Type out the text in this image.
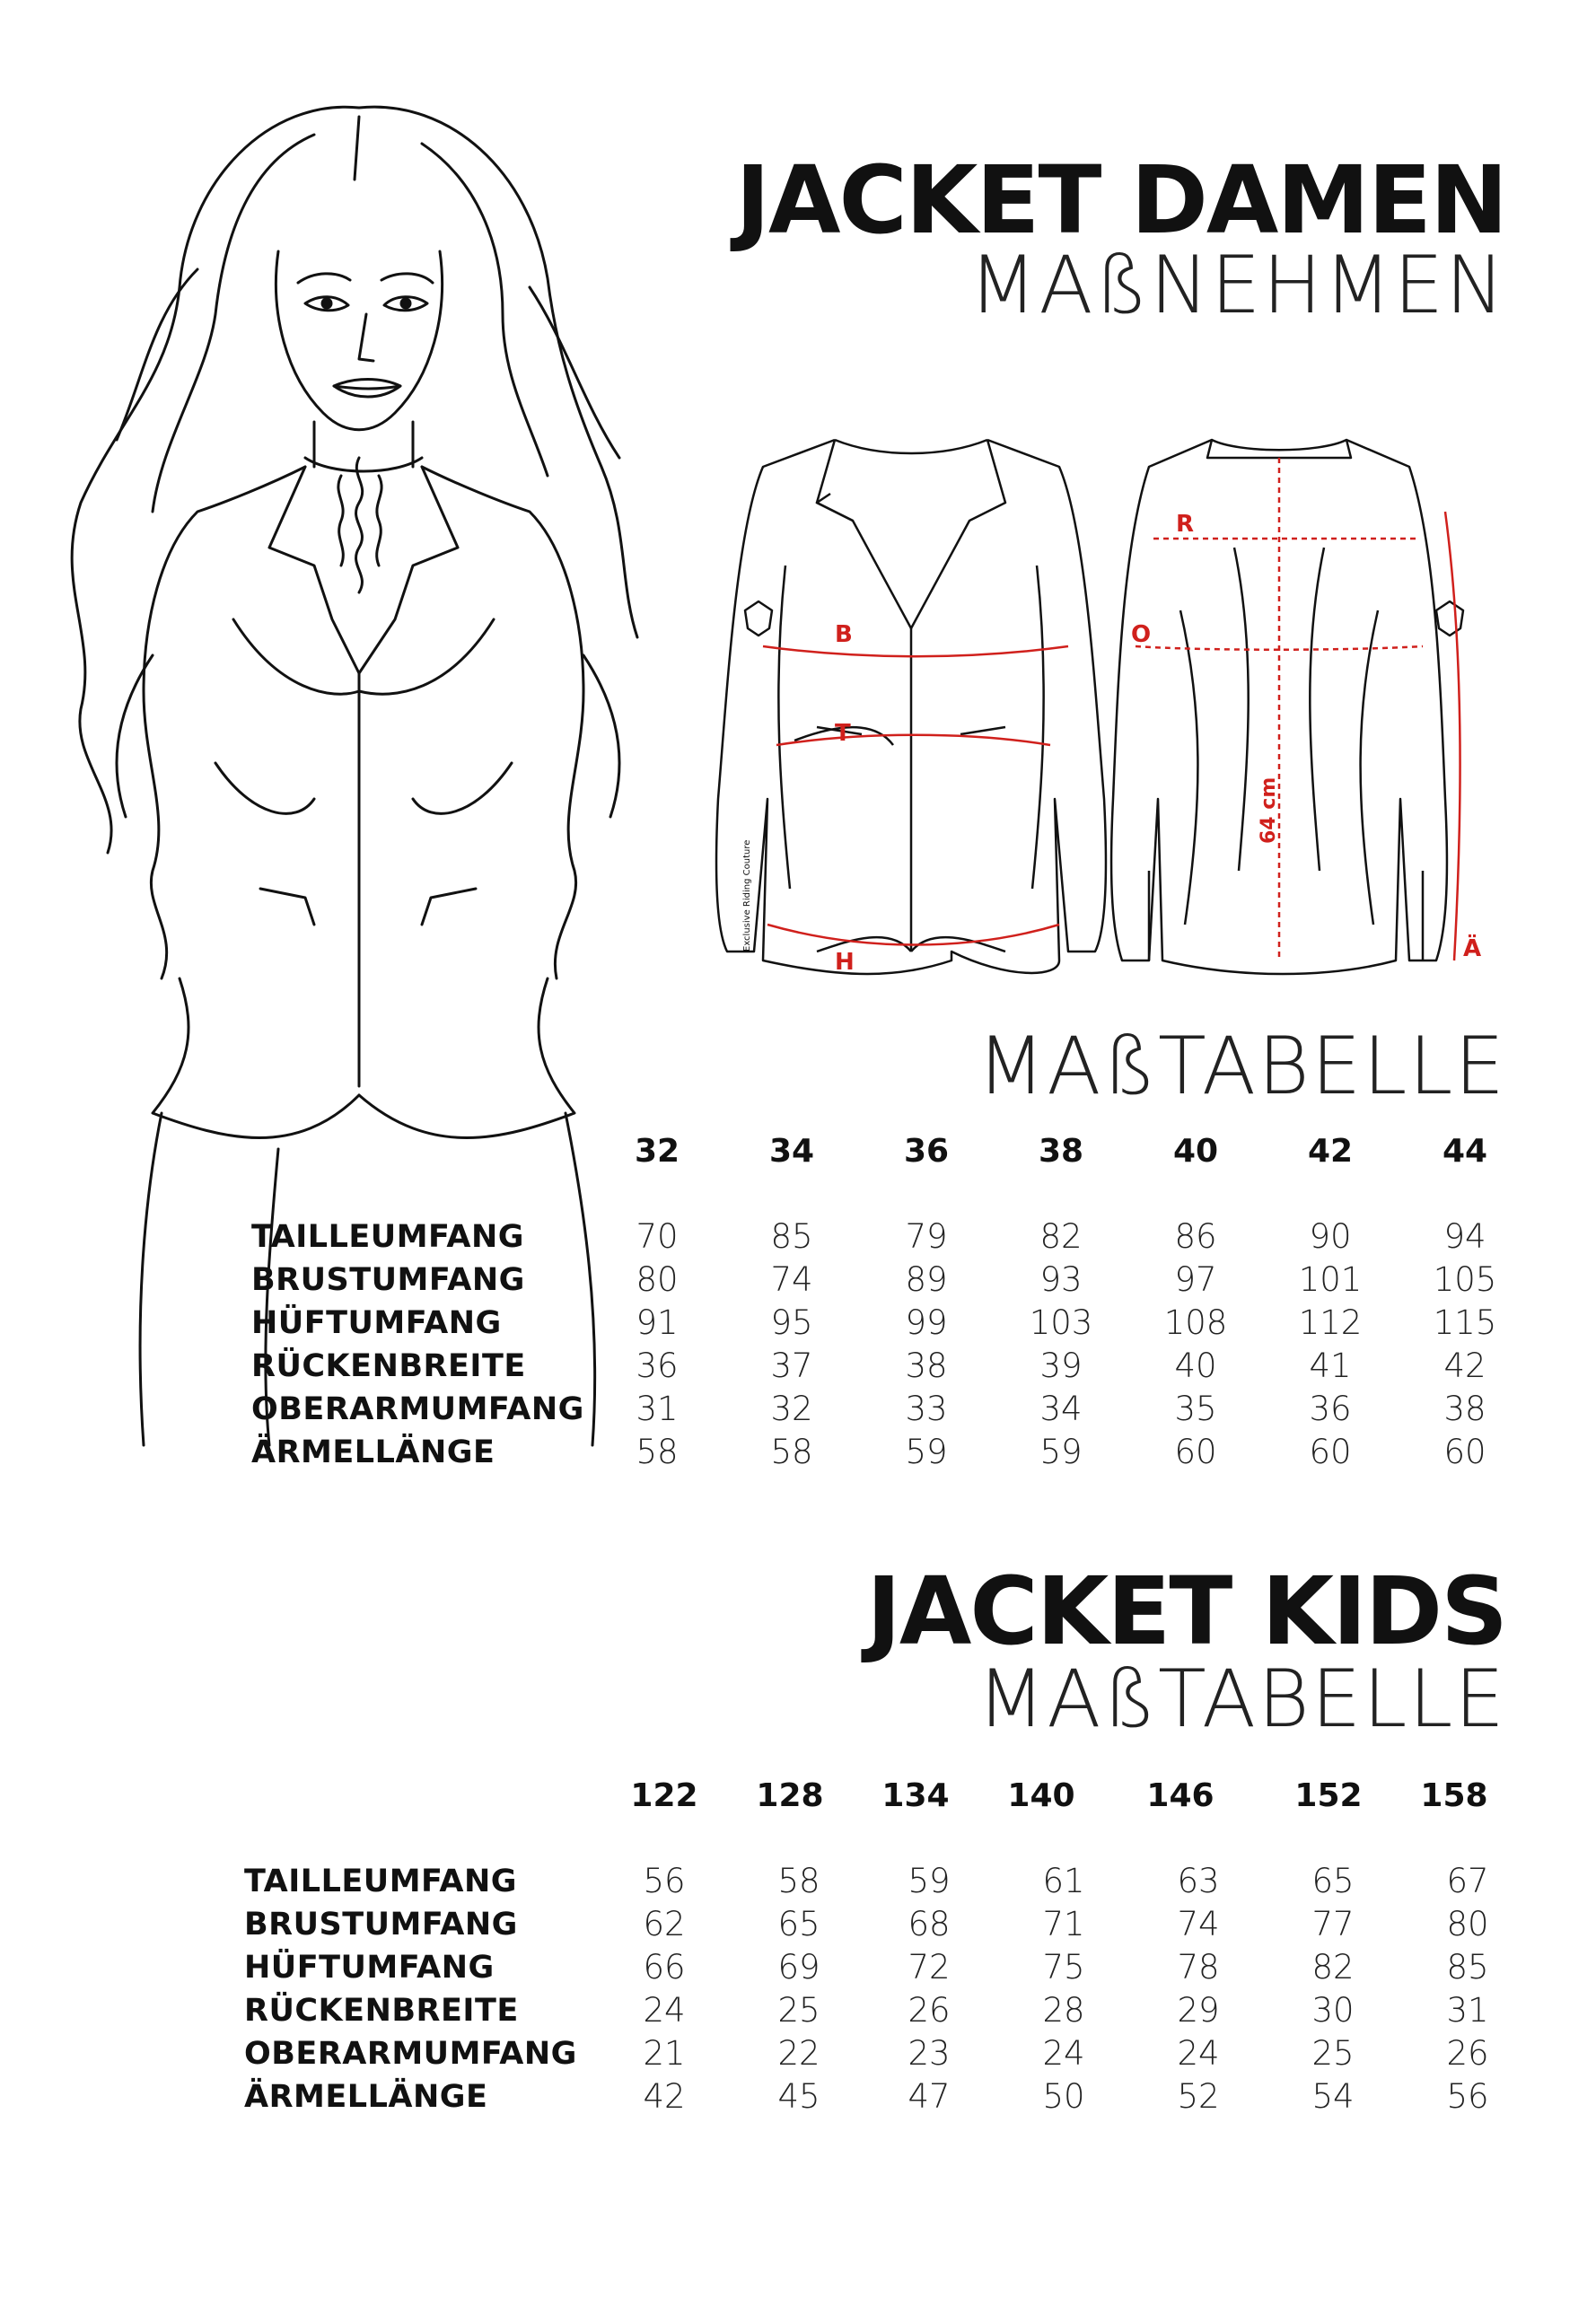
JACKET DAMEN
MAßNEHMEN
B
T
H
R
O
Ä
64 cm
Exclusive Riding Couture
MAßTABELLE
32	34	36	38	40	42	44
TAILLEUMFANG	70	85	79	82	86	90	94
BRUSTUMFANG	80	74	89	93	97	101	105
HÜFTUMFANG	91	95	99	103	108	112	115
RÜCKENBREITE	36	37	38	39	40	41	42
OBERARMUMFANG	31	32	33	34	35	36	38
ÄRMELLÄNGE	58	58	59	59	60	60	60
JACKET KIDS
MAßTABELLE
122	128	134	140	146	152	158
TAILLEUMFANG	56	58	59	61	63	65	67
BRUSTUMFANG	62	65	68	71	74	77	80
HÜFTUMFANG	66	69	72	75	78	82	85
RÜCKENBREITE	24	25	26	28	29	30	31
OBERARMUMFANG	21	22	23	24	24	25	26
ÄRMELLÄNGE	42	45	47	50	52	54	56
